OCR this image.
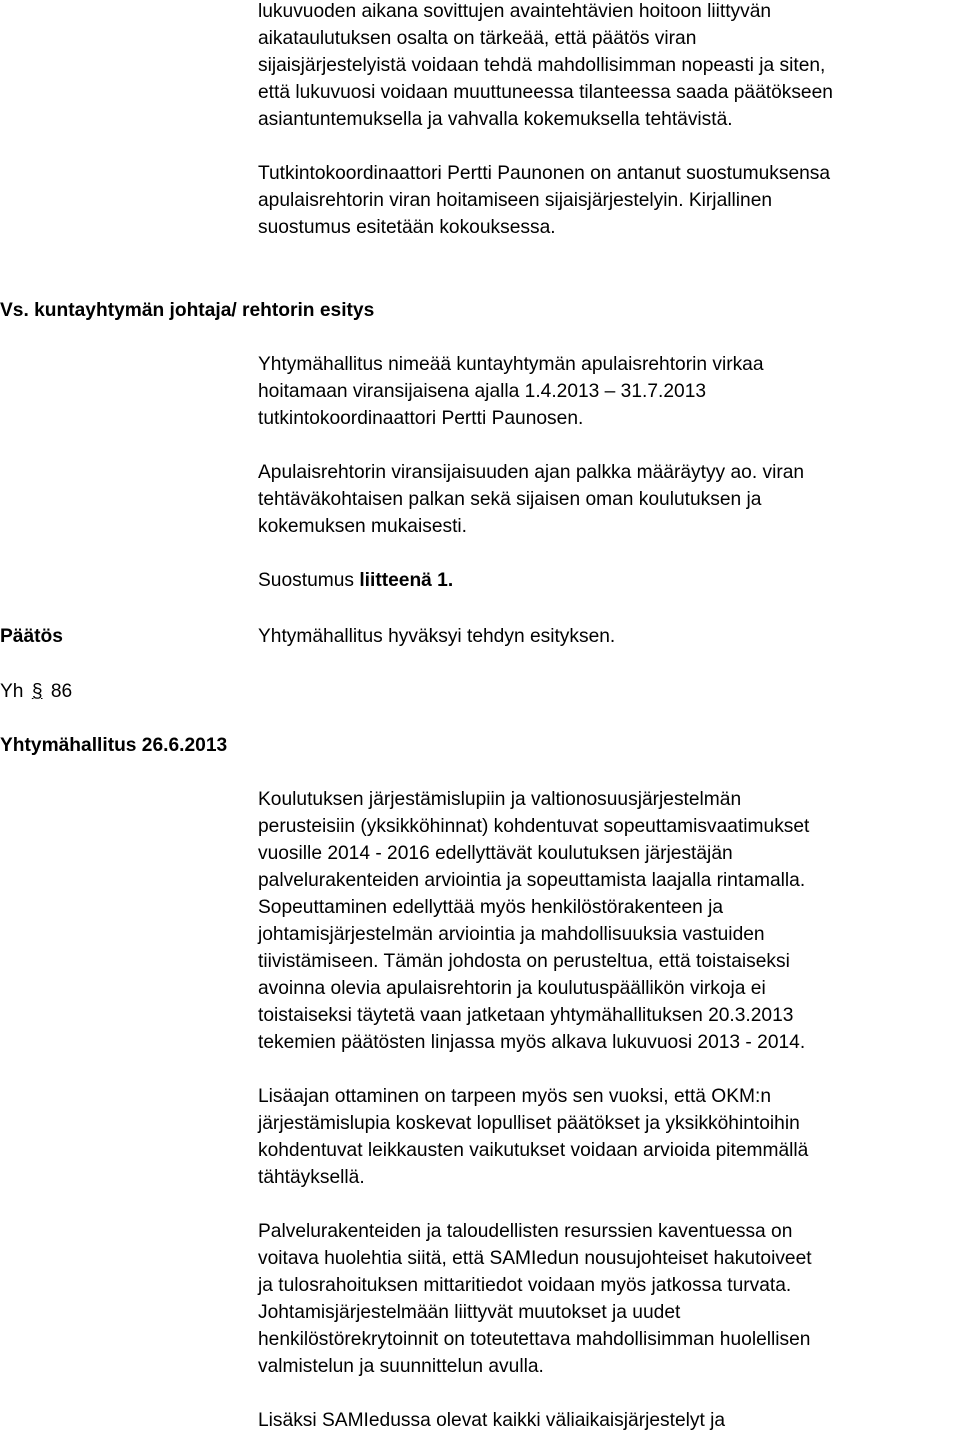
lukuvuoden aikana sovittujen avaintehtävien hoitoon liittyvän
aikataulutuksen osalta on tärkeää, että päätös viran
sijaisjärjestelyistä voidaan tehdä mahdollisimman nopeasti ja siten,
että lukuvuosi voidaan muuttuneessa tilanteessa saada päätökseen
asiantuntemuksella ja vahvalla kokemuksella tehtävistä.
Tutkintokoordinaattori Pertti Paunonen on antanut suostumuksensa
apulaisrehtorin viran hoitamiseen sijaisjärjestelyin. Kirjallinen
suostumus esitetään kokouksessa.
Vs. kuntayhtymän johtaja/ rehtorin esitys
Yhtymähallitus nimeää kuntayhtymän apulaisrehtorin virkaa
hoitamaan viransijaisena ajalla 1.4.2013 – 31.7.2013
tutkintokoordinaattori Pertti Paunosen.
Apulaisrehtorin viransijaisuuden ajan palkka määräytyy ao. viran
tehtäväkohtaisen palkan sekä sijaisen oman koulutuksen ja
kokemuksen mukaisesti.
Suostumus liitteenä 1.
Päätös	Yhtymähallitus hyväksyi tehdyn esityksen.
Yh § 86
Yhtymähallitus 26.6.2013
Koulutuksen järjestämislupiin ja valtionosuusjärjestelmän
perusteisiin (yksikköhinnat) kohdentuvat sopeuttamisvaatimukset
vuosille 2014 - 2016 edellyttävät koulutuksen järjestäjän
palvelurakenteiden arviointia ja sopeuttamista laajalla rintamalla.
Sopeuttaminen edellyttää myös henkilöstörakenteen ja
johtamisjärjestelmän arviointia ja mahdollisuuksia vastuiden
tiivistämiseen. Tämän johdosta on perusteltua, että toistaiseksi
avoinna olevia apulaisrehtorin ja koulutuspäällikön virkoja ei
toistaiseksi täytetä vaan jatketaan yhtymähallituksen 20.3.2013
tekemien päätösten linjassa myös alkava lukuvuosi 2013 - 2014.
Lisäajan ottaminen on tarpeen myös sen vuoksi, että OKM:n
järjestämislupia koskevat lopulliset päätökset ja yksikköhintoihin
kohdentuvat leikkausten vaikutukset voidaan arvioida pitemmällä
tähtäyksellä.
Palvelurakenteiden ja taloudellisten resurssien kaventuessa on
voitava huolehtia siitä, että SAMIedun nousujohteiset hakutoiveet
ja tulosrahoituksen mittaritiedot voidaan myös jatkossa turvata.
Johtamisjärjestelmään liittyvät muutokset ja uudet
henkilöstörekrytoinnit on toteutettava mahdollisimman huolellisen
valmistelun ja suunnittelun avulla.
Lisäksi SAMIedussa olevat kaikki väliaikaisjärjestelyt ja
